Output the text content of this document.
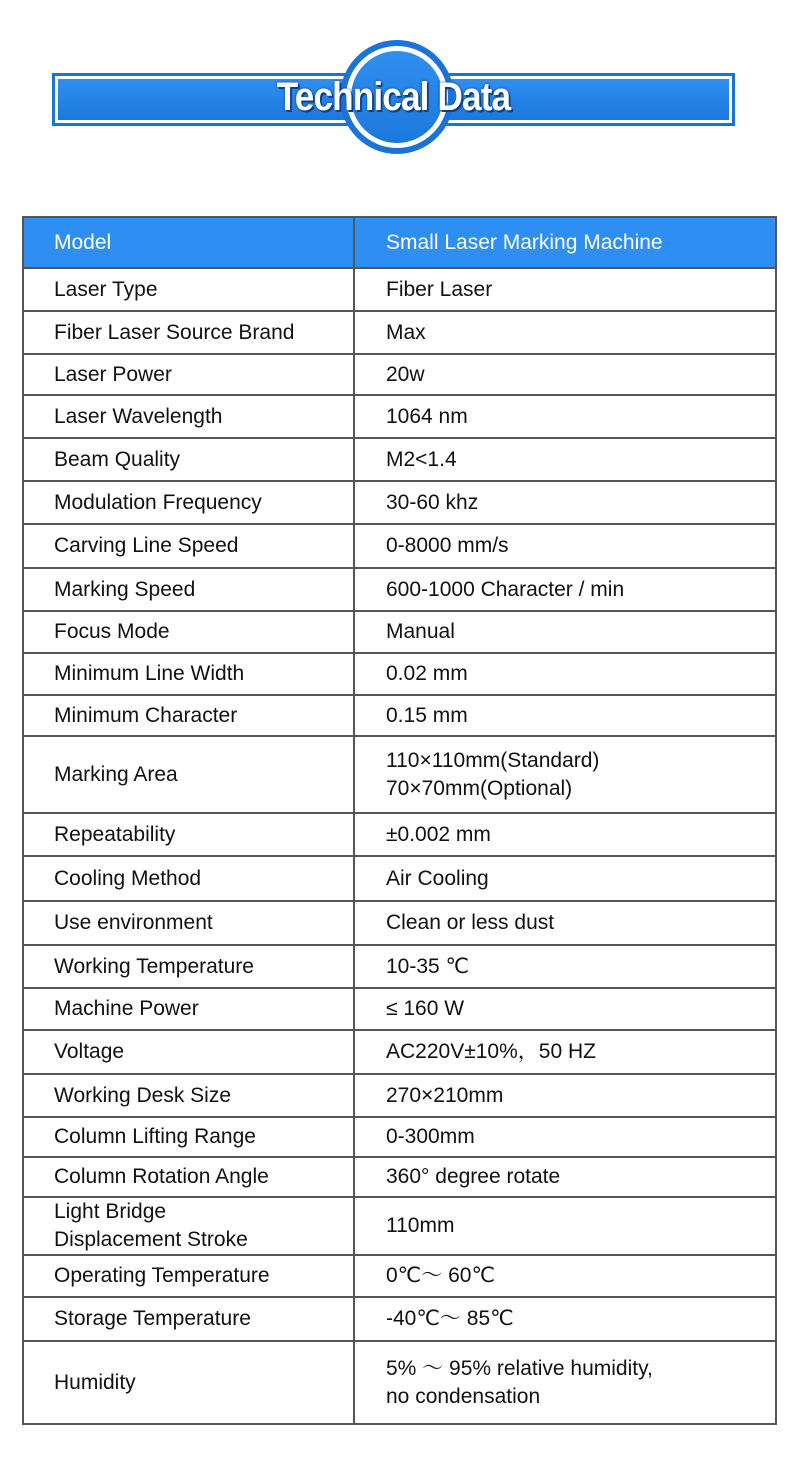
Technical Data
Model	Small Laser Marking Machine

Laser Type	Fiber Laser

Fiber Laser Source Brand	Max

Laser Power	20w

Laser Wavelength	1064 nm

Beam Quality	M2<1.4

Modulation Frequency	30-60 khz

Carving Line Speed	0-8000 mm/s

Marking Speed	600-1000 Character / min

Focus Mode	Manual

Minimum Line Width	0.02 mm

Minimum Character	0.15 mm

Marking Area	110×110mm(Standard)
70×70mm(Optional)

Repeatability	±0.002 mm

Cooling Method	Air Cooling

Use environment	Clean or less dust

Working Temperature	10-35 ℃

Machine Power	≤ 160 W

Voltage	AC220V±10%，50 HZ

Working Desk Size	270×210mm

Column Lifting Range	0-300mm

Column Rotation Angle	360° degree rotate

Light Bridge
Displacement Stroke	110mm

Operating Temperature	0℃～ 60℃

Storage Temperature	-40℃～ 85℃

Humidity	5% ～ 95% relative humidity,
no condensation
